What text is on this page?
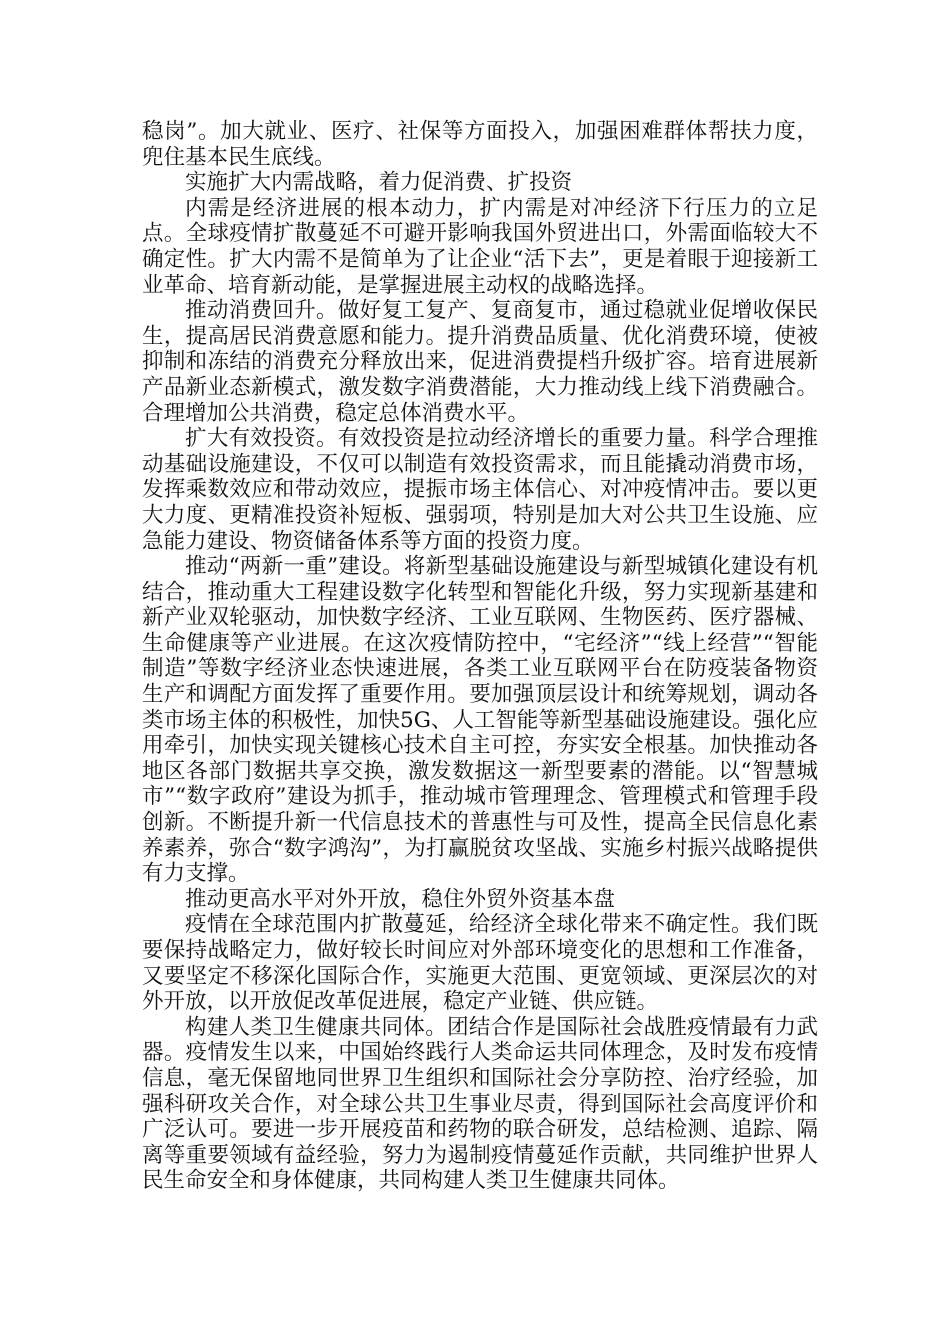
稳岗”。加大就业、医疗、社保等方面投入，加强困难群体帮扶力度，兜住基本民生底线。

实施扩大内需战略，着力促消费、扩投资

内需是经济进展的根本动力，扩内需是对冲经济下行压力的立足点。全球疫情扩散蔓延不可避开影响我国外贸进出口，外需面临较大不确定性。扩大内需不是简单为了让企业“活下去”，更是着眼于迎接新工业革命、培育新动能，是掌握进展主动权的战略选择。

推动消费回升。做好复工复产、复商复市，通过稳就业促增收保民生，提高居民消费意愿和能力。提升消费品质量、优化消费环境，使被抑制和冻结的消费充分释放出来，促进消费提档升级扩容。培育进展新产品新业态新模式，激发数字消费潜能，大力推动线上线下消费融合。合理增加公共消费，稳定总体消费水平。

扩大有效投资。有效投资是拉动经济增长的重要力量。科学合理推动基础设施建设，不仅可以制造有效投资需求，而且能撬动消费市场，发挥乘数效应和带动效应，提振市场主体信心、对冲疫情冲击。要以更大力度、更精准投资补短板、强弱项，特别是加大对公共卫生设施、应急能力建设、物资储备体系等方面的投资力度。

推动“两新一重”建设。将新型基础设施建设与新型城镇化建设有机结合，推动重大工程建设数字化转型和智能化升级，努力实现新基建和新产业双轮驱动，加快数字经济、工业互联网、生物医药、医疗器械、生命健康等产业进展。在这次疫情防控中，“宅经济”“线上经营”“智能制造”等数字经济业态快速进展，各类工业互联网平台在防疫装备物资生产和调配方面发挥了重要作用。要加强顶层设计和统筹规划，调动各类市场主体的积极性，加快5G、人工智能等新型基础设施建设。强化应用牵引，加快实现关键核心技术自主可控，夯实安全根基。加快推动各地区各部门数据共享交换，激发数据这一新型要素的潜能。以“智慧城市”“数字政府”建设为抓手，推动城市管理理念、管理模式和管理手段创新。不断提升新一代信息技术的普惠性与可及性，提高全民信息化素养素养，弥合“数字鸿沟”，为打赢脱贫攻坚战、实施乡村振兴战略提供有力支撑。

推动更高水平对外开放，稳住外贸外资基本盘

疫情在全球范围内扩散蔓延，给经济全球化带来不确定性。我们既要保持战略定力，做好较长时间应对外部环境变化的思想和工作准备，又要坚定不移深化国际合作，实施更大范围、更宽领域、更深层次的对外开放，以开放促改革促进展，稳定产业链、供应链。

构建人类卫生健康共同体。团结合作是国际社会战胜疫情最有力武器。疫情发生以来，中国始终践行人类命运共同体理念，及时发布疫情信息，毫无保留地同世界卫生组织和国际社会分享防控、治疗经验，加强科研攻关合作，对全球公共卫生事业尽责，得到国际社会高度评价和广泛认可。要进一步开展疫苗和药物的联合研发，总结检测、追踪、隔离等重要领域有益经验，努力为遏制疫情蔓延作贡献，共同维护世界人民生命安全和身体健康，共同构建人类卫生健康共同体。
